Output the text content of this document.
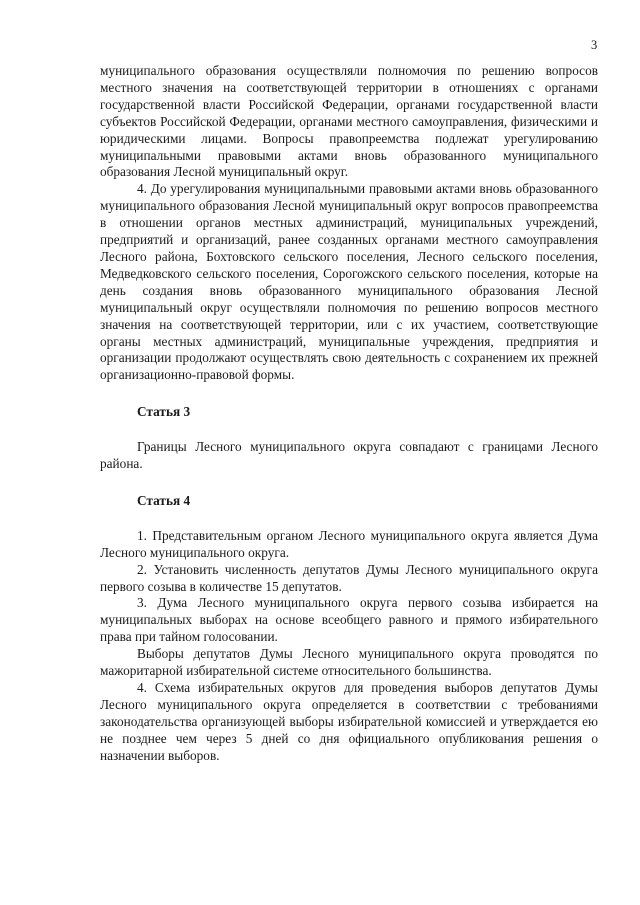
3

муниципального образования осуществляли полномочия по решению вопросов местного значения на соответствующей территории в отношениях с органами государственной власти Российской Федерации, органами государственной власти субъектов Российской Федерации, органами местного самоуправления, физическими и юридическими лицами. Вопросы правопреемства подлежат урегулированию муниципальными правовыми актами вновь образованного муниципального образования Лесной муниципальный округ.

4. До урегулирования муниципальными правовыми актами вновь образованного муниципального образования Лесной муниципальный округ вопросов правопреемства в отношении органов местных администраций, муниципальных учреждений, предприятий и организаций, ранее созданных органами местного самоуправления Лесного района, Бохтовского сельского поселения, Лесного сельского поселения, Медведковского сельского поселения, Сорогожского сельского поселения, которые на день создания вновь образованного муниципального образования Лесной муниципальный округ осуществляли полномочия по решению вопросов местного значения на соответствующей территории, или с их участием, соответствующие органы местных администраций, муниципальные учреждения, предприятия и организации продолжают осуществлять свою деятельность с сохранением их прежней организационно-правовой формы.

Статья 3

Границы Лесного муниципального округа совпадают с границами Лесного района.

Статья 4

1. Представительным органом Лесного муниципального округа является Дума Лесного муниципального округа.

2. Установить численность депутатов Думы Лесного муниципального округа первого созыва в количестве 15 депутатов.

3. Дума Лесного муниципального округа первого созыва избирается на муниципальных выборах на основе всеобщего равного и прямого избирательного права при тайном голосовании.

Выборы депутатов Думы Лесного муниципального округа проводятся по мажоритарной избирательной системе относительного большинства.

4. Схема избирательных округов для проведения выборов депутатов Думы Лесного муниципального округа определяется в соответствии с требованиями законодательства организующей выборы избирательной комиссией и утверждается ею не позднее чем через 5 дней со дня официального опубликования решения о назначении выборов.
